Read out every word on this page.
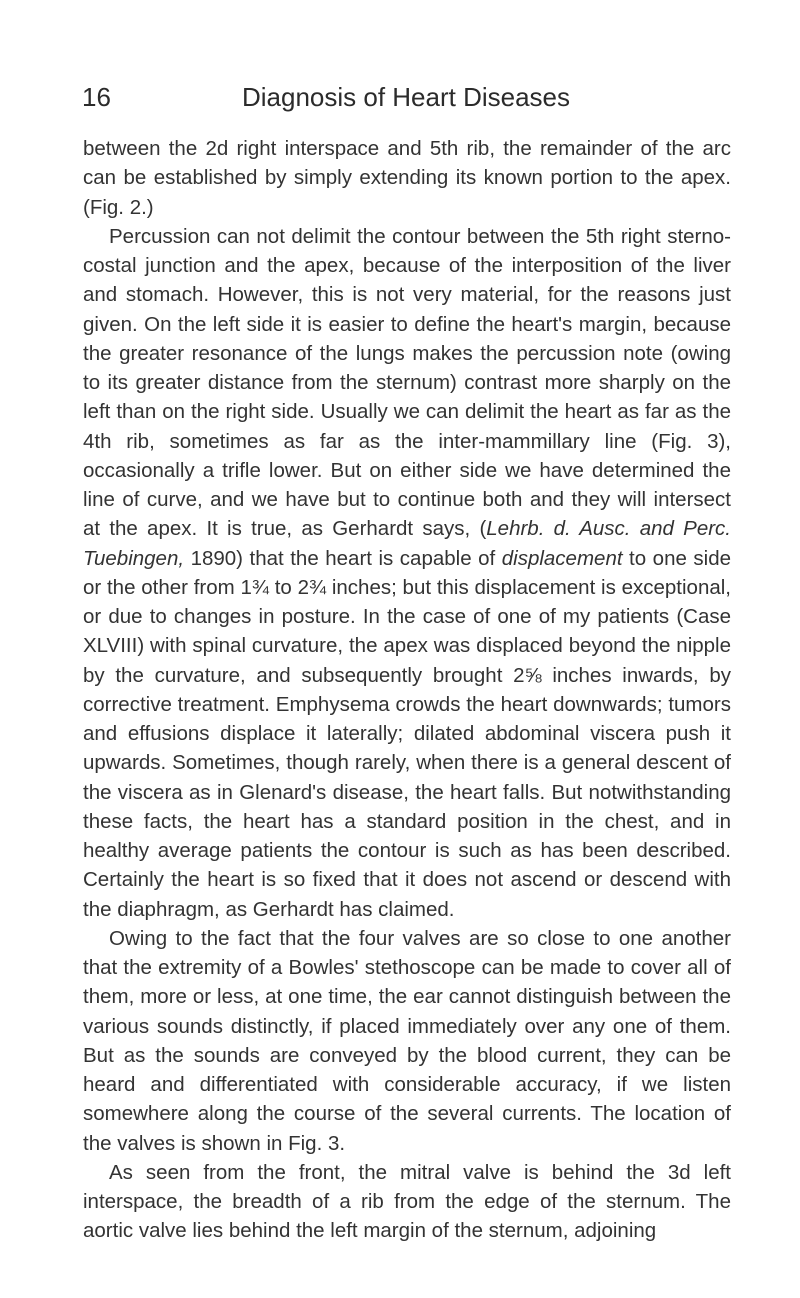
16	Diagnosis of Heart Diseases

between the 2d right interspace and 5th rib, the remainder of the arc can be established by simply extending its known portion to the apex. (Fig. 2.)

Percussion can not delimit the contour between the 5th right sterno-costal junction and the apex, because of the interposition of the liver and stomach. However, this is not very material, for the reasons just given. On the left side it is easier to define the heart's margin, because the greater resonance of the lungs makes the percussion note (owing to its greater distance from the sternum) contrast more sharply on the left than on the right side. Usually we can delimit the heart as far as the 4th rib, sometimes as far as the inter-mammillary line (Fig. 3), occasionally a trifle lower. But on either side we have determined the line of curve, and we have but to continue both and they will intersect at the apex. It is true, as Gerhardt says, (Lehrb. d. Ausc. and Perc. Tuebingen, 1890) that the heart is capable of displacement to one side or the other from 1¾ to 2¾ inches; but this displacement is exceptional, or due to changes in posture. In the case of one of my patients (Case XLVIII) with spinal curvature, the apex was displaced beyond the nipple by the curvature, and subsequently brought 2⅝ inches inwards, by corrective treatment. Emphysema crowds the heart downwards; tumors and effusions displace it laterally; dilated abdominal viscera push it upwards. Sometimes, though rarely, when there is a general descent of the viscera as in Glenard's disease, the heart falls. But notwithstanding these facts, the heart has a standard position in the chest, and in healthy average patients the contour is such as has been described. Certainly the heart is so fixed that it does not ascend or descend with the diaphragm, as Gerhardt has claimed.

Owing to the fact that the four valves are so close to one another that the extremity of a Bowles' stethoscope can be made to cover all of them, more or less, at one time, the ear cannot distinguish between the various sounds distinctly, if placed immediately over any one of them. But as the sounds are conveyed by the blood current, they can be heard and differentiated with considerable accuracy, if we listen somewhere along the course of the several currents. The location of the valves is shown in Fig. 3.

As seen from the front, the mitral valve is behind the 3d left interspace, the breadth of a rib from the edge of the sternum. The aortic valve lies behind the left margin of the sternum, adjoining
